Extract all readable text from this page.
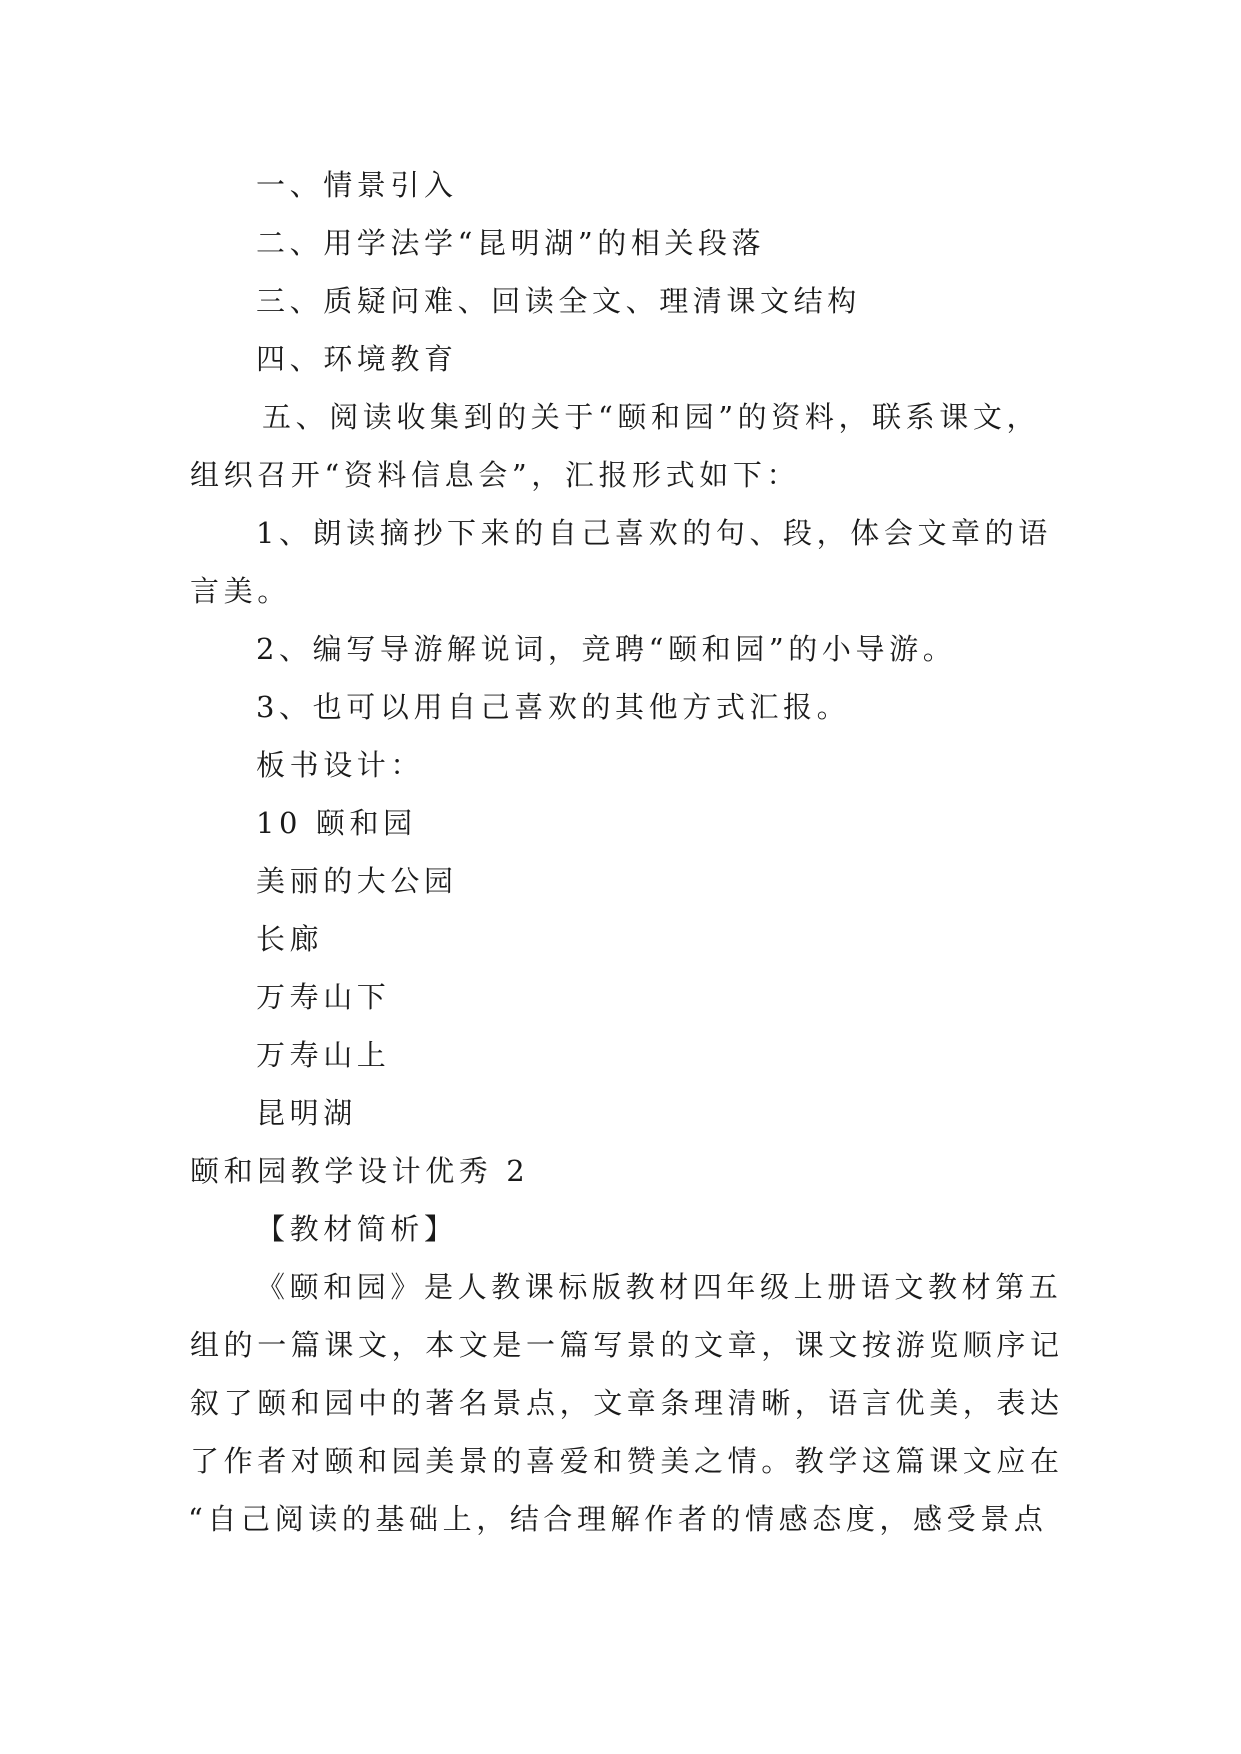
一、情景引入
二、用学法学“昆明湖”的相关段落
三、质疑问难、回读全文、理清课文结构
四、环境教育
五、阅读收集到的关于“颐和园”的资料，联系课文，
组织召开“资料信息会”，汇报形式如下：
1、朗读摘抄下来的自己喜欢的句、段，体会文章的语
言美。
2、编写导游解说词，竞聘“颐和园”的小导游。
3、也可以用自己喜欢的其他方式汇报。
板书设计：
10 颐和园
美丽的大公园
长廊
万寿山下
万寿山上
昆明湖
颐和园教学设计优秀 2
【教材简析】
《颐和园》是人教课标版教材四年级上册语文教材第五
组的一篇课文，本文是一篇写景的文章，课文按游览顺序记
叙了颐和园中的著名景点，文章条理清晰，语言优美，表达
了作者对颐和园美景的喜爱和赞美之情。教学这篇课文应在
“自己阅读的基础上，结合理解作者的情感态度，感受景点
